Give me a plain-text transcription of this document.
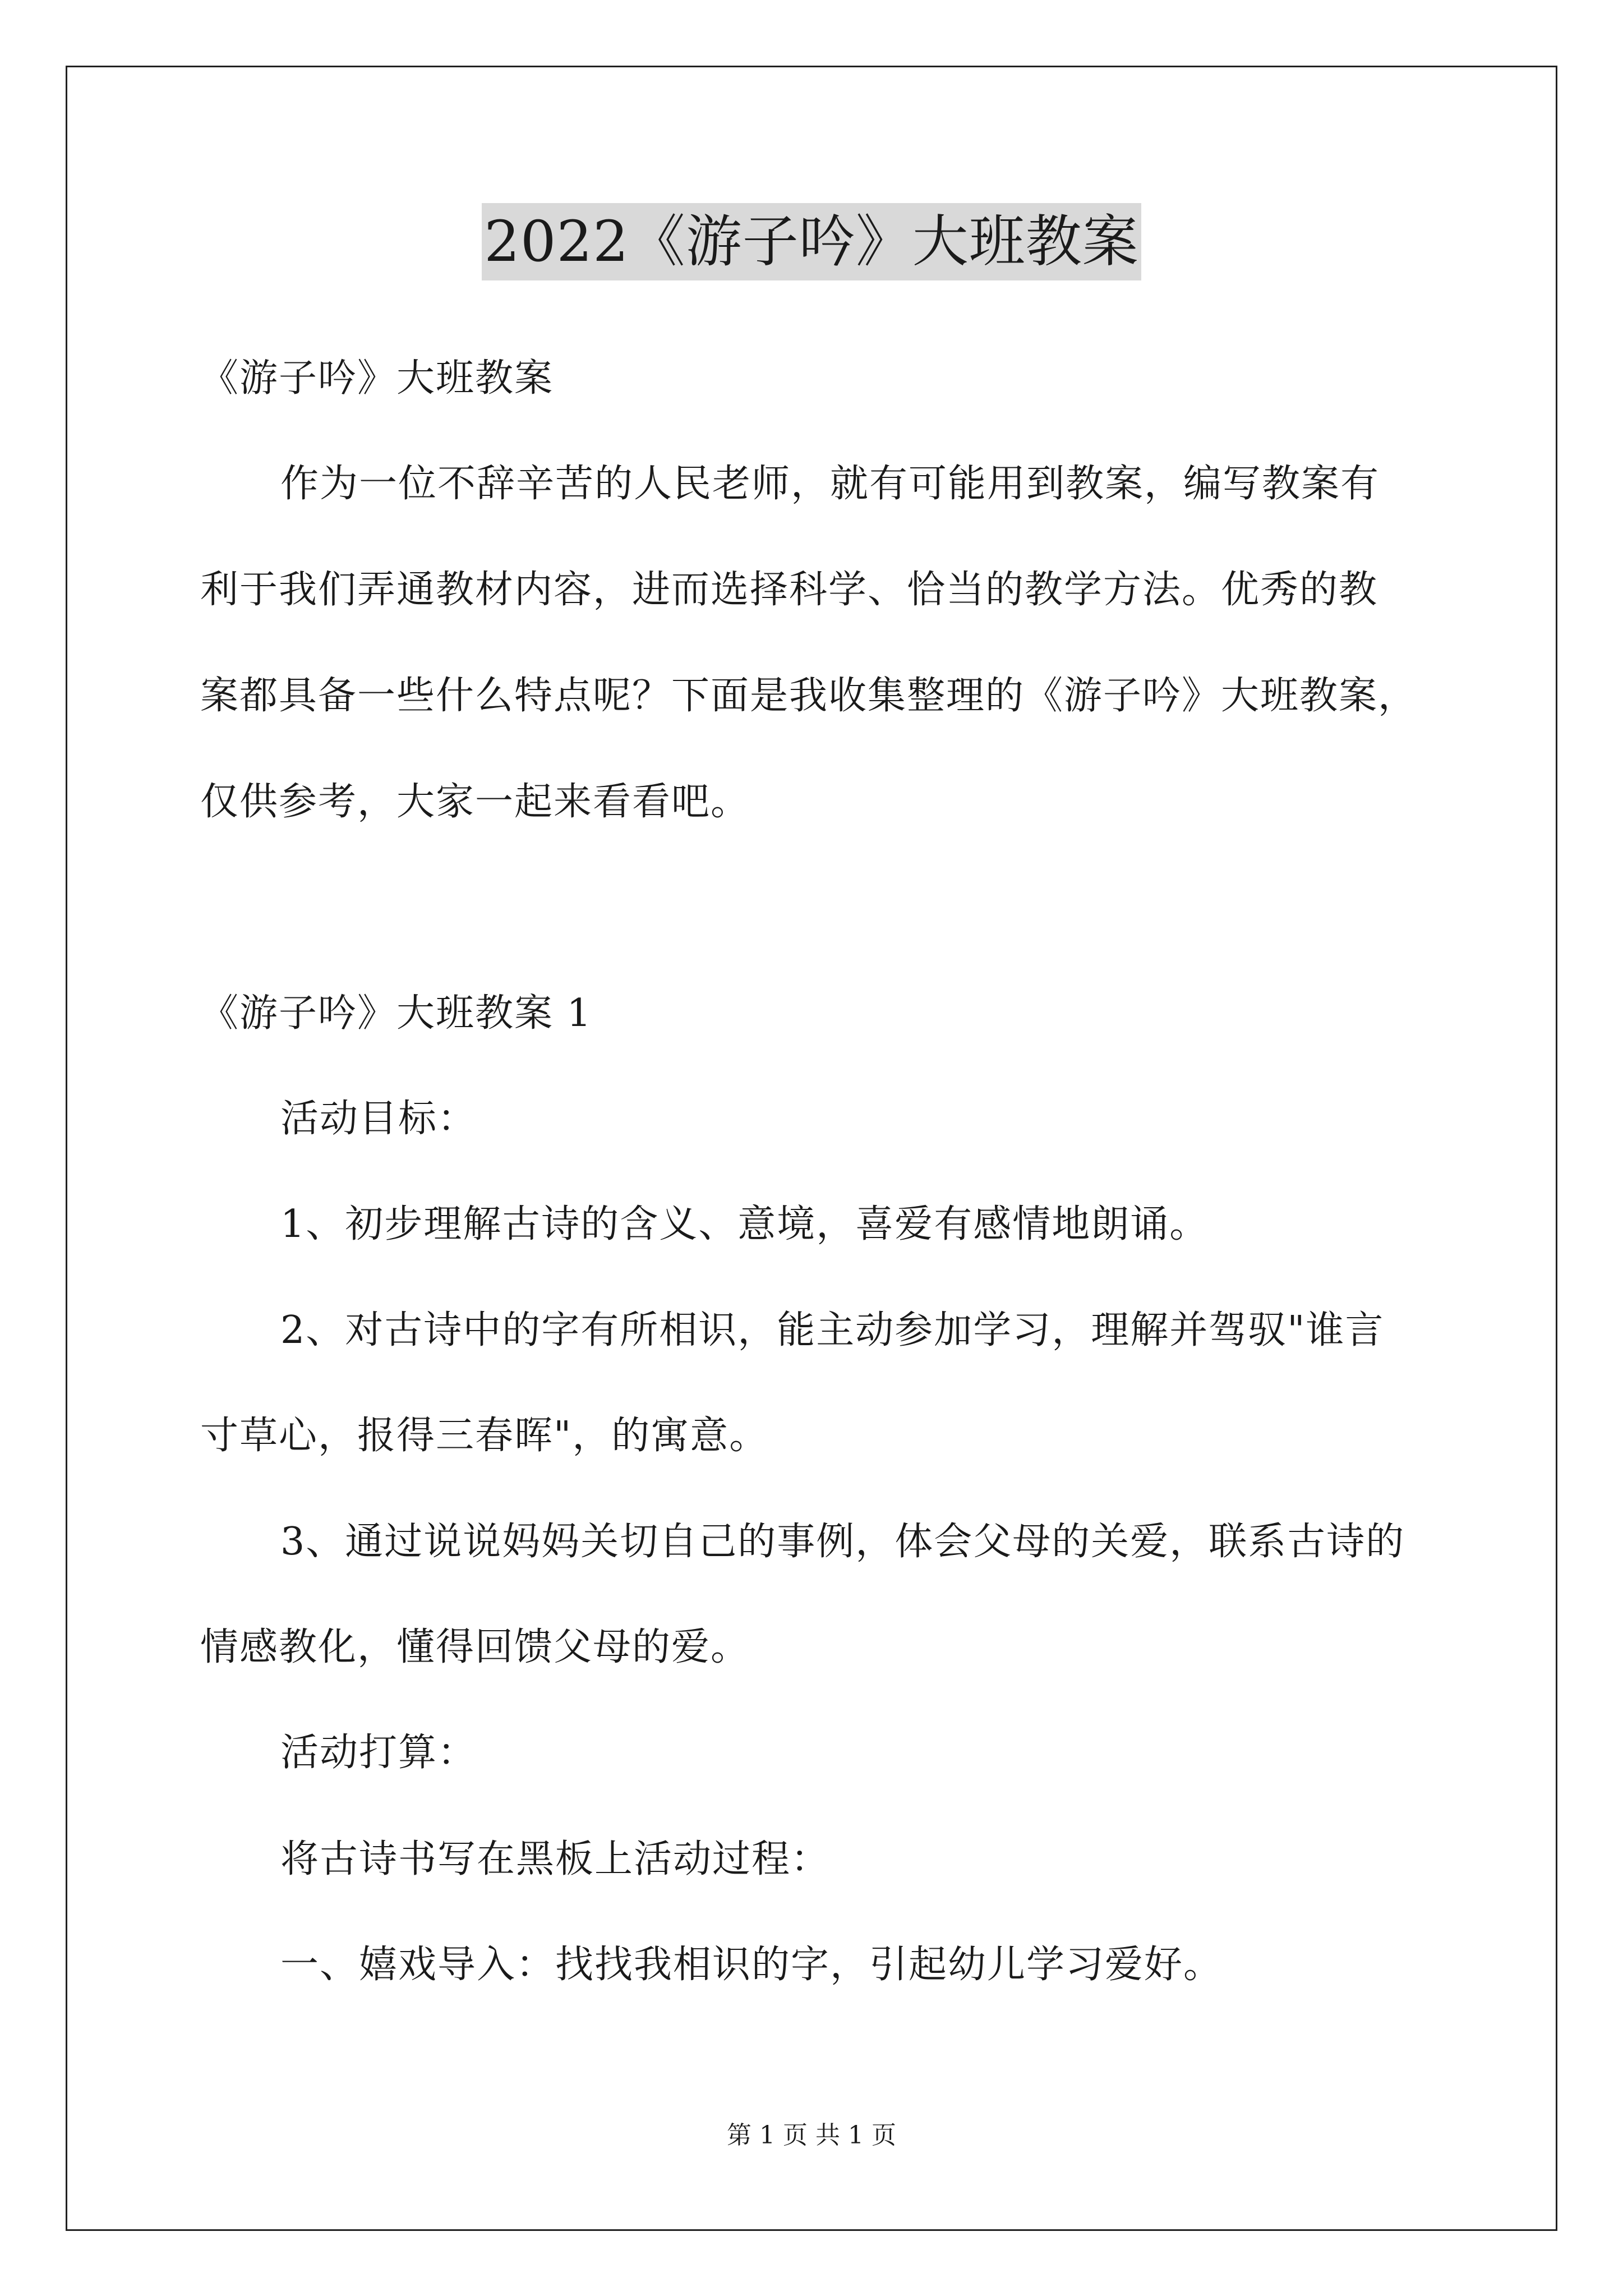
2022《游子吟》大班教案
《游子吟》大班教案
作为一位不辞辛苦的人民老师，就有可能用到教案，编写教案有
利于我们弄通教材内容，进而选择科学、恰当的教学方法。优秀的教
案都具备一些什么特点呢？下面是我收集整理的《游子吟》大班教案，
仅供参考，大家一起来看看吧。
《游子吟》大班教案 1
活动目标：
1、初步理解古诗的含义、意境，喜爱有感情地朗诵。
2、对古诗中的字有所相识，能主动参加学习，理解并驾驭"谁言
寸草心，报得三春晖"，的寓意。
3、通过说说妈妈关切自己的事例，体会父母的关爱，联系古诗的
情感教化，懂得回馈父母的爱。
活动打算：
将古诗书写在黑板上活动过程：
一、嬉戏导入：找找我相识的字，引起幼儿学习爱好。
第 1 页 共 1 页
